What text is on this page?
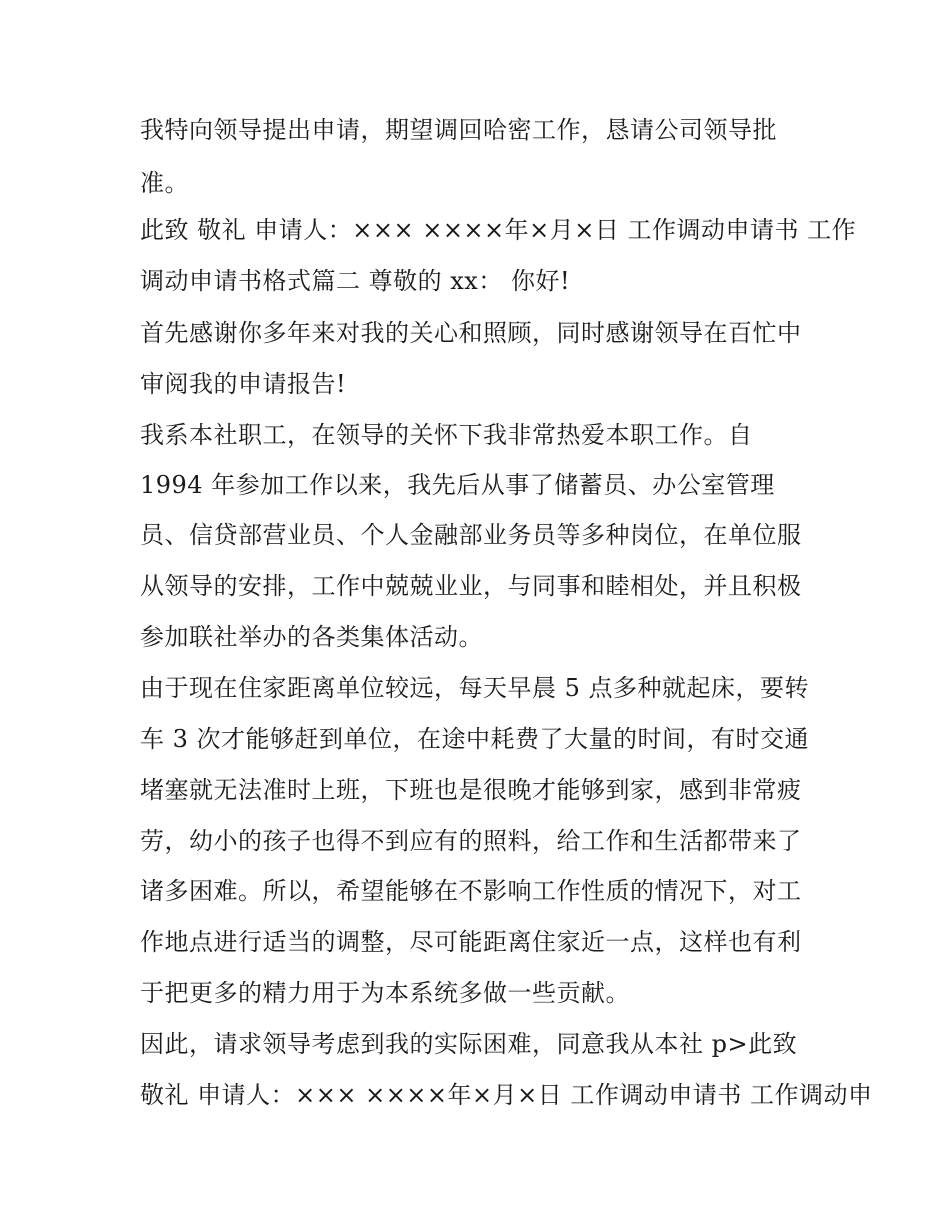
我特向领导提出申请，期望调回哈密工作，恳请公司领导批
准。
此致 敬礼 申请人：××× ××××年×月×日 工作调动申请书 工作
调动申请书格式篇二 尊敬的 xx： 你好!
首先感谢你多年来对我的关心和照顾，同时感谢领导在百忙中
审阅我的申请报告!
我系本社职工，在领导的关怀下我非常热爱本职工作。自
1994 年参加工作以来，我先后从事了储蓄员、办公室管理
员、信贷部营业员、个人金融部业务员等多种岗位，在单位服
从领导的安排，工作中兢兢业业，与同事和睦相处，并且积极
参加联社举办的各类集体活动。
由于现在住家距离单位较远，每天早晨 5 点多种就起床，要转
车 3 次才能够赶到单位，在途中耗费了大量的时间，有时交通
堵塞就无法准时上班，下班也是很晚才能够到家，感到非常疲
劳，幼小的孩子也得不到应有的照料，给工作和生活都带来了
诸多困难。所以，希望能够在不影响工作性质的情况下，对工
作地点进行适当的调整，尽可能距离住家近一点，这样也有利
于把更多的精力用于为本系统多做一些贡献。
因此，请求领导考虑到我的实际困难，同意我从本社 p>此致
敬礼 申请人：××× ××××年×月×日 工作调动申请书 工作调动申
